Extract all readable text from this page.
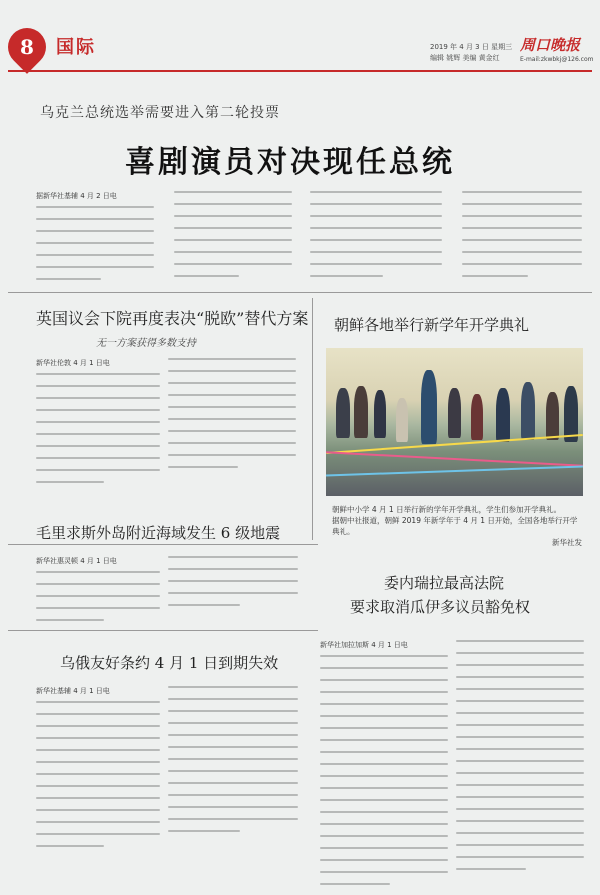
8	国际	2019 年 4 月 3 日 星期三
编辑 姚辉 美编 黄金红
周口晚报
E-mail:zkwbkj@126.com
乌克兰总统选举需要进入第二轮投票
喜剧演员对决现任总统
据新华社基辅 4 月 2 日电
英国议会下院再度表决“脱欧”替代方案
无一方案获得多数支持
新华社伦敦 4 月 1 日电
朝鲜各地举行新学年开学典礼
朝鲜中小学 4 月 1 日举行新的学年开学典礼，学生们参加开学典礼。
据朝中社报道，朝鲜 2019 年新学年于 4 月 1 日开始，全国各地举行开学典礼。
新华社发
毛里求斯外岛附近海域发生 6 级地震
新华社惠灵顿 4 月 1 日电
委内瑞拉最高法院
要求取消瓜伊多议员豁免权
新华社加拉加斯 4 月 1 日电
乌俄友好条约 4 月 1 日到期失效
新华社基辅 4 月 1 日电
